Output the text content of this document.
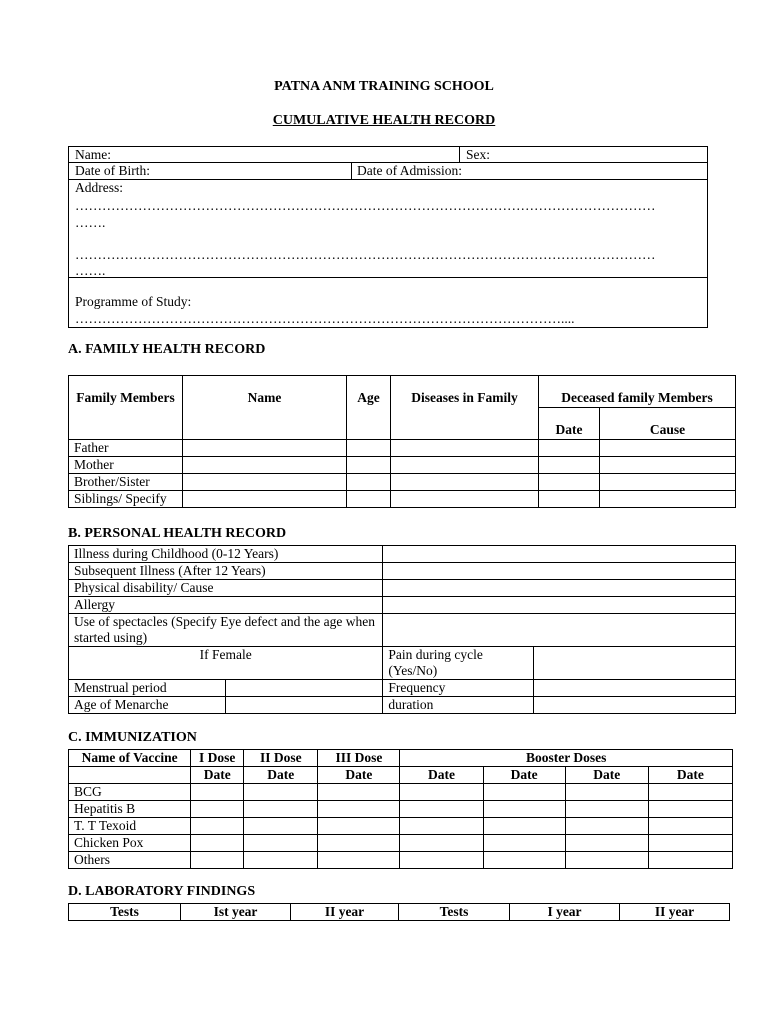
PATNA ANM TRAINING SCHOOL
CUMULATIVE HEALTH RECORD
Name:	Sex:
Date of Birth:	Date of Admission:
Address:
…………………………………………………………………………………………………………………
…….
…………………………………………………………………………………………………………………
…….
Programme of Study:
………………………………………………………………………………………………....
A. FAMILY HEALTH RECORD
Family Members	Name	Age	Diseases in Family	Deceased family Members	
				Date	Cause
Father					
Mother					
Brother/Sister					
Siblings/ Specify					
B. PERSONAL HEALTH RECORD
Illness during Childhood (0-12 Years)			
Subsequent Illness (After 12 Years)			
Physical disability/ Cause			
Allergy			
Use of spectacles (Specify Eye defect and the age when started using)			
If Female		Pain during cycle (Yes/No)	
Menstrual period		Frequency	
Age of Menarche		duration	
C. IMMUNIZATION
Name of Vaccine	I Dose	II Dose	III Dose	Booster Doses			
	Date	Date	Date	Date	Date	Date	Date
BCG							
Hepatitis B							
T. T Texoid							
Chicken Pox							
Others							
D. LABORATORY FINDINGS
Tests	Ist year	II year	Tests	I year	II year
